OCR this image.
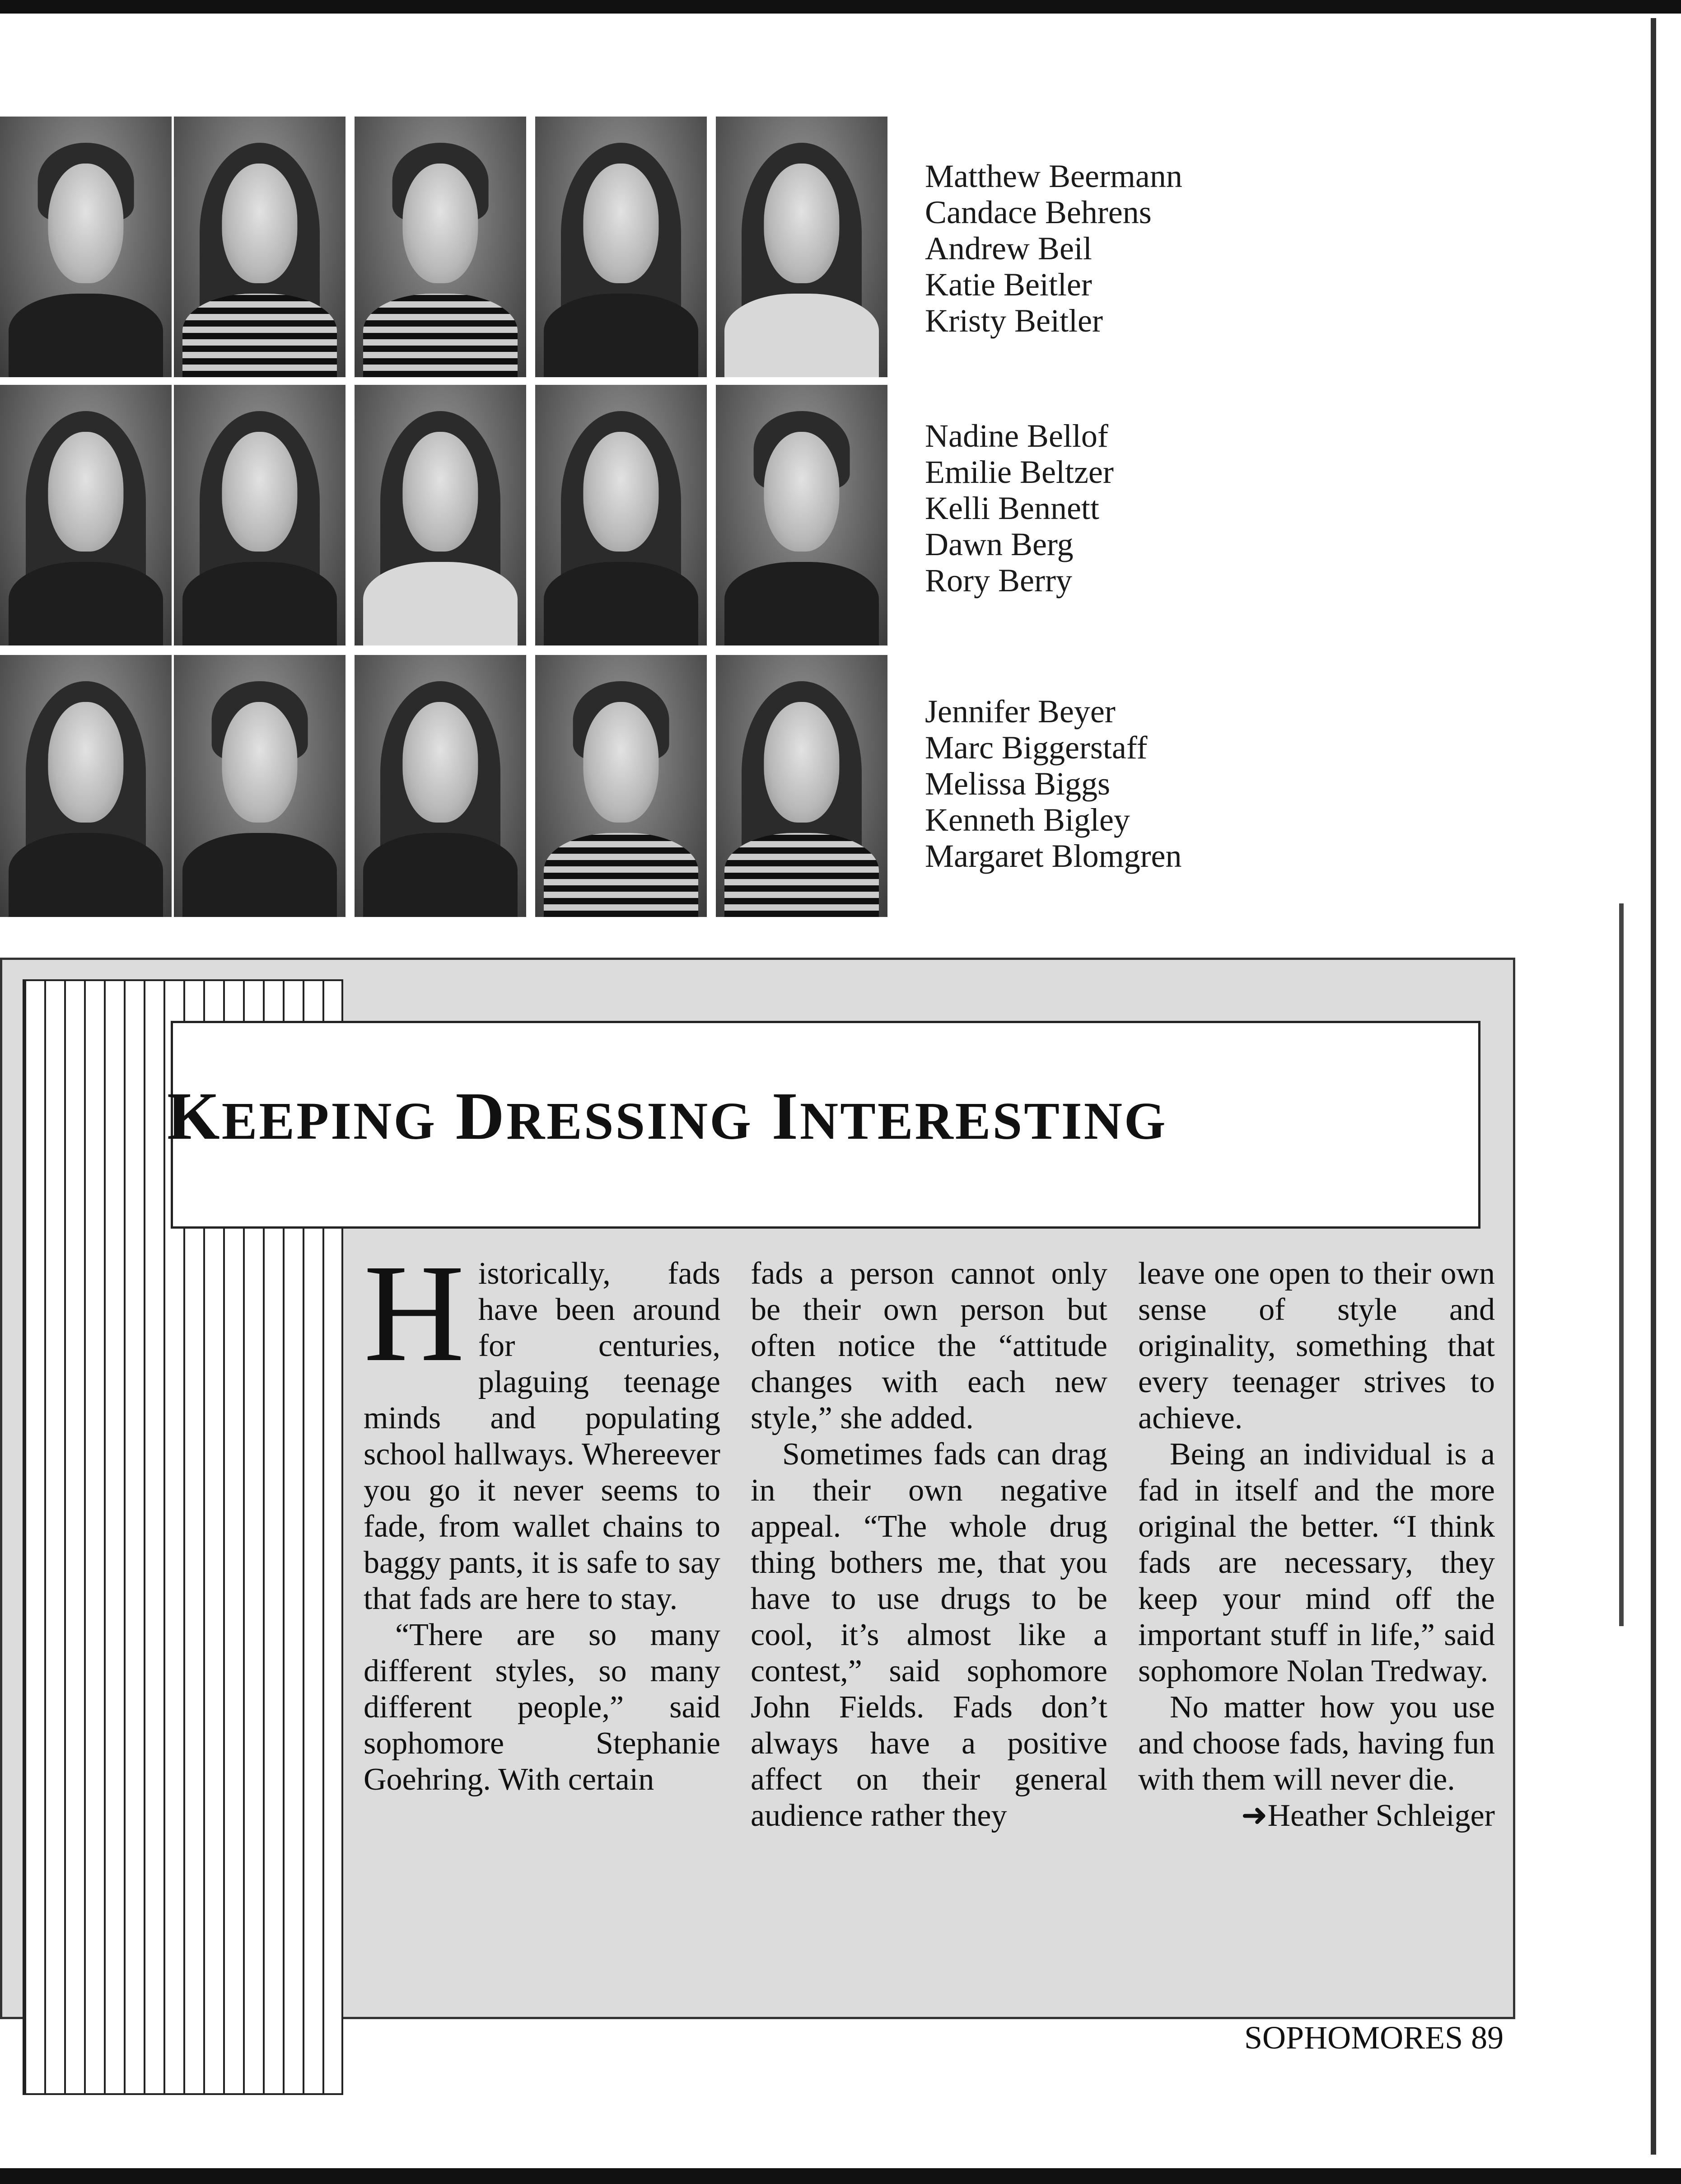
Matthew Beermann
Candace Behrens
Andrew Beil
Katie Beitler
Kristy Beitler
Nadine Bellof
Emilie Beltzer
Kelli Bennett
Dawn Berg
Rory Berry
Jennifer Beyer
Marc Biggerstaff
Melissa Biggs
Kenneth Bigley
Margaret Blomgren
KEEPING DRESSING INTERESTING

Historically, fads have been around for centuries, plaguing teenage minds and populating school hallways. Whereever you go it never seems to fade, from wallet chains to baggy pants, it is safe to say that fads are here to stay.

“There are so many different styles, so many different people,” said sophomore Stephanie Goehring. With certain

fads a person cannot only be their own person but often notice the “attitude changes with each new style,” she added.

Sometimes fads can drag in their own negative appeal. “The whole drug thing bothers me, that you have to use drugs to be cool, it’s almost like a contest,” said sophomore John Fields. Fads don’t always have a positive affect on their general audience rather they

leave one open to their own sense of style and originality, something that every teenager strives to achieve.

Being an individual is a fad in itself and the more original the better. “I think fads are necessary, they keep your mind off the important stuff in life,” said sophomore Nolan Tredway.

No matter how you use and choose fads, having fun with them will never die.

➜Heather Schleiger

SOPHOMORES 89
